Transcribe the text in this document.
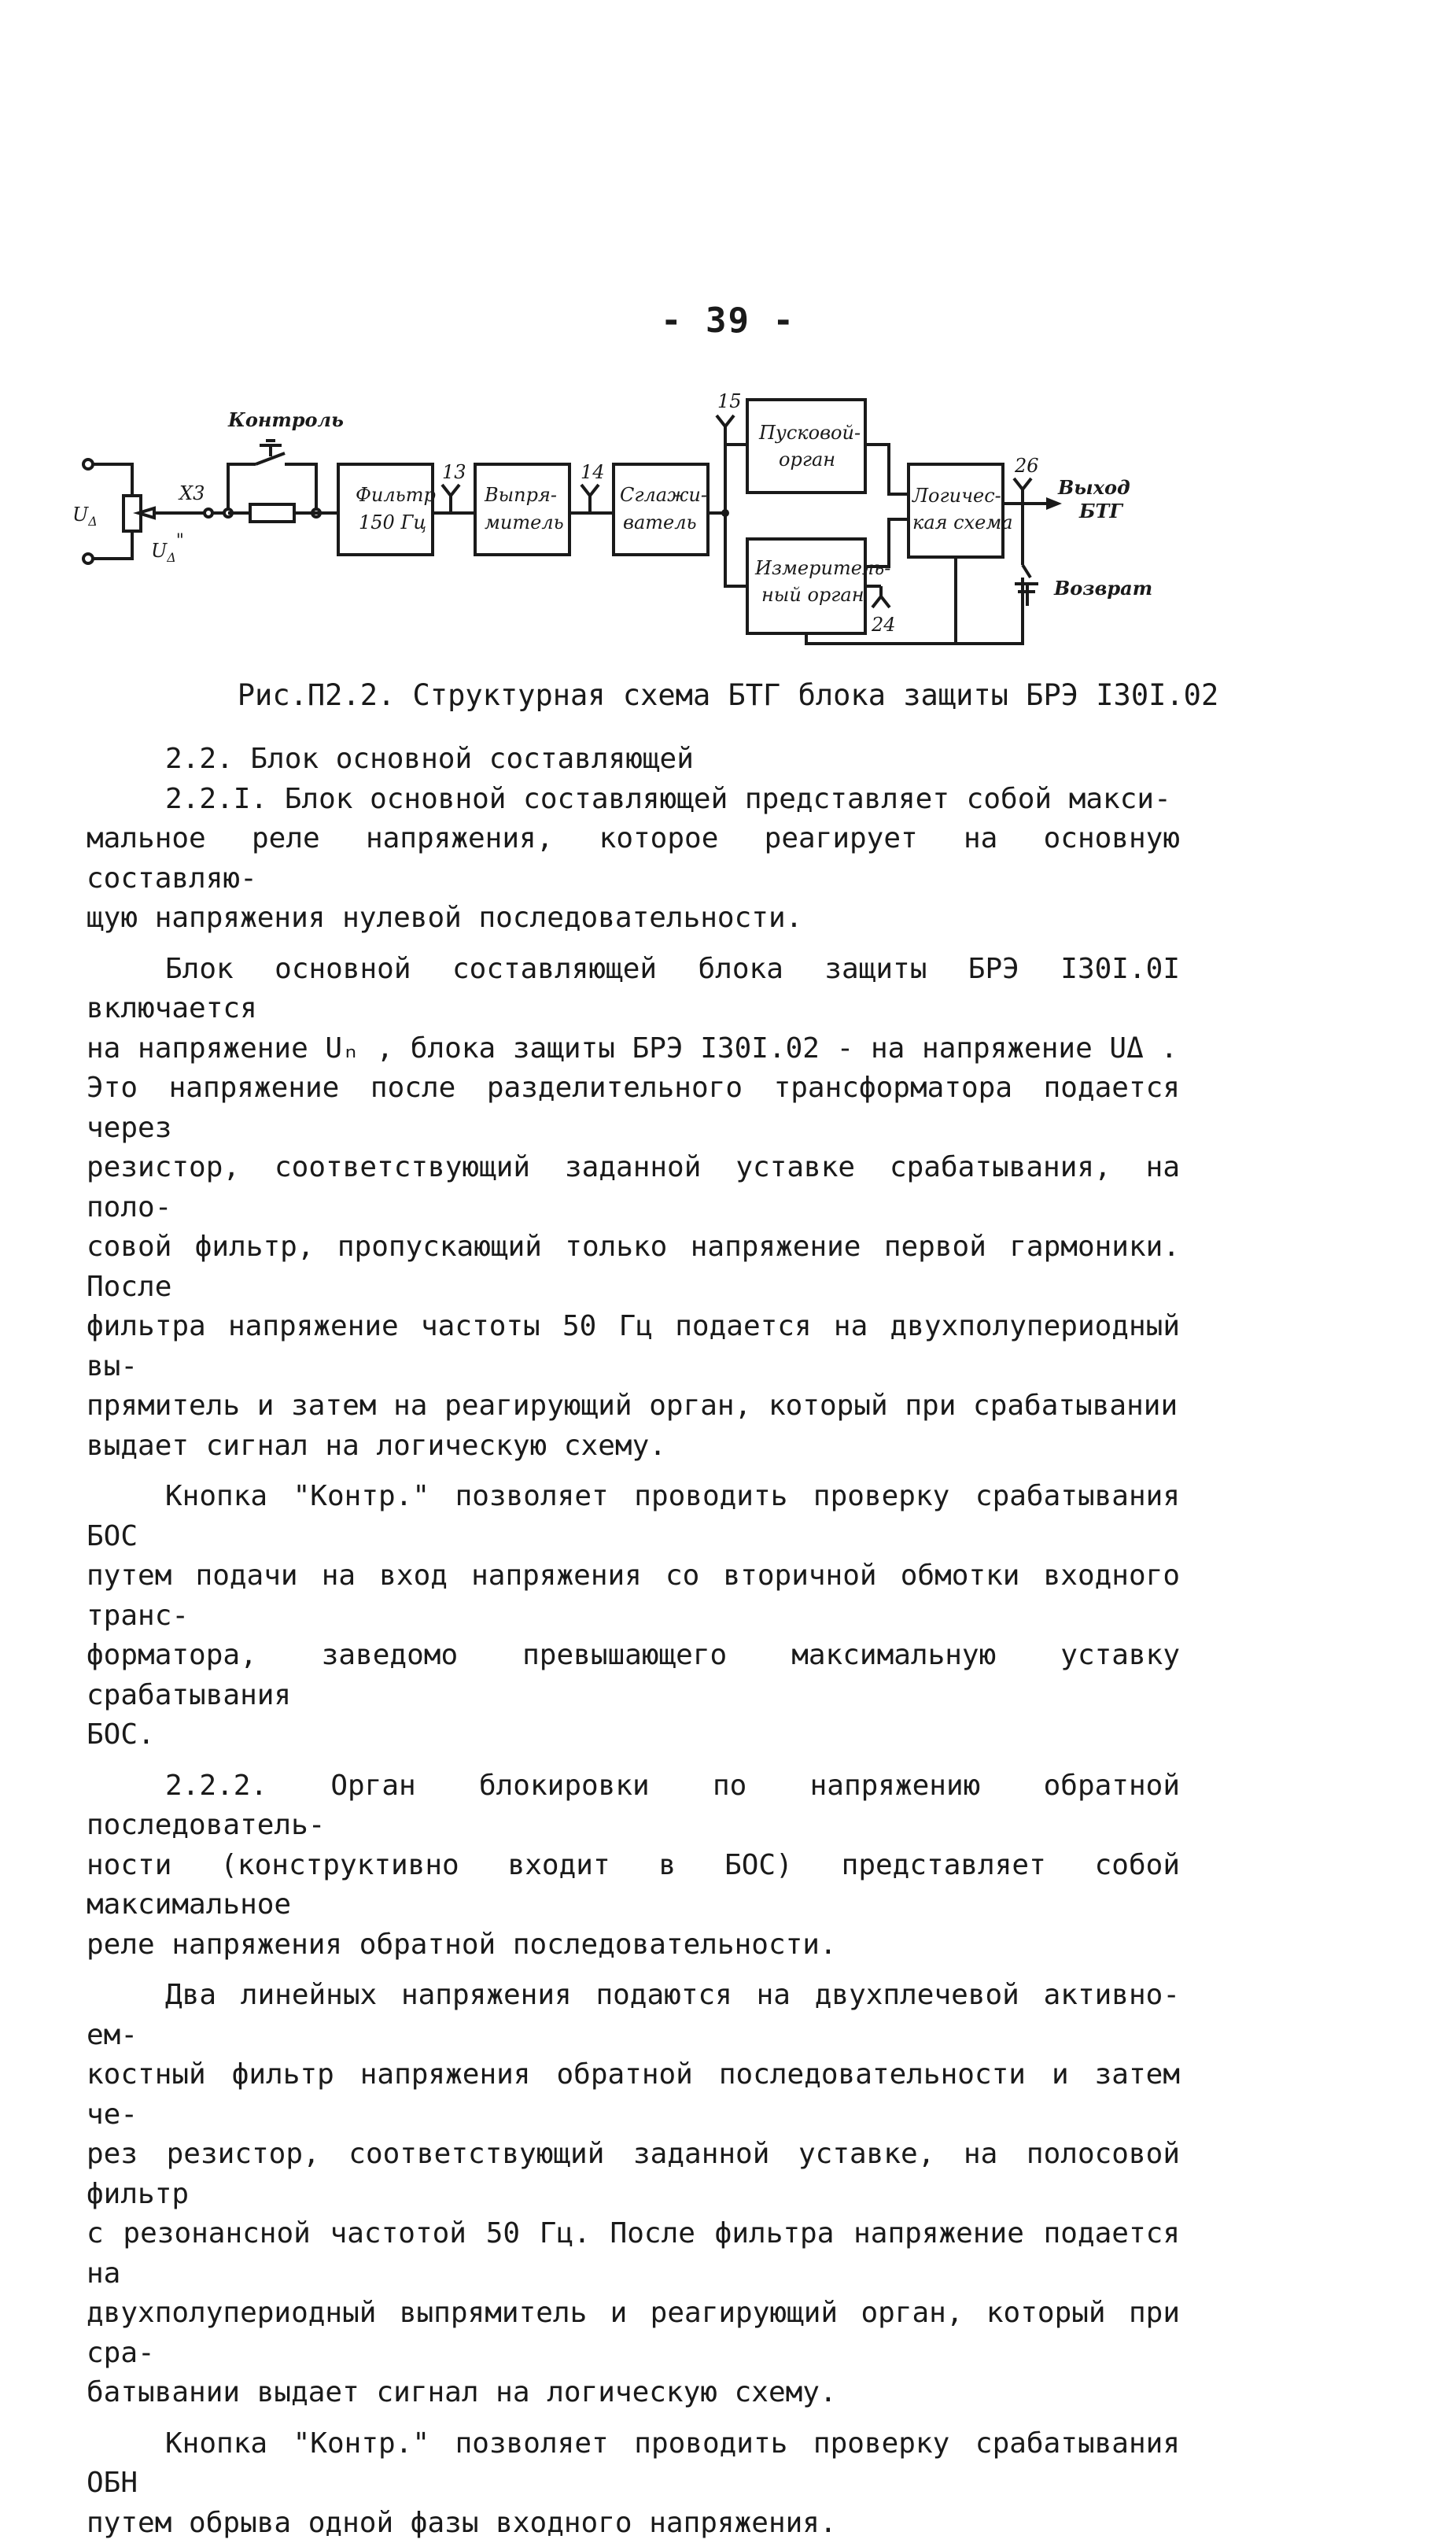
- 39 -
$U_\Delta$
$U_\Delta$"
Х3
Контроль
Фильтр
150 Гц
13
Выпря-
митель
14
Сглажи-
ватель
15
Пусковой-
орган
Измеритель-
ный орган
24
Логичес-
кая схема
26
Выход
БТГ
Возврат
Рис.П2.2. Структурная схема БТГ блока защиты БРЭ I30I.02

2.2. Блок основной составляющей

2.2.I. Блок основной составляющей представляет собой макси-
мальное реле напряжения, которое реагирует на основную составляю-
щую напряжения нулевой последовательности.

Блок основной составляющей блока защиты БРЭ I30I.0I включается
на напряжение Uₙ , блока защиты БРЭ I30I.02 - на напряжение UΔ .
Это напряжение после разделительного трансформатора подается через
резистор, соответствующий заданной уставке срабатывания, на поло-
совой фильтр, пропускающий только напряжение первой гармоники. После
фильтра напряжение частоты 50 Гц подается на двухполупериодный вы-
прямитель и затем на реагирующий орган, который при срабатывании
выдает сигнал на логическую схему.

Кнопка "Контр." позволяет проводить проверку срабатывания БОС
путем подачи на вход напряжения со вторичной обмотки входного транс-
форматора, заведомо превышающего максимальную уставку срабатывания
БОС.

2.2.2. Орган блокировки по напряжению обратной последователь-
ности (конструктивно входит в БОС) представляет собой максимальное
реле напряжения обратной последовательности.

Два линейных напряжения подаются на двухплечевой активно-ем-
костный фильтр напряжения обратной последовательности и затем че-
рез резистор, соответствующий заданной уставке, на полосовой фильтр
с резонансной частотой 50 Гц. После фильтра напряжение подается на
двухполупериодный выпрямитель и реагирующий орган, который при сра-
батывании выдает сигнал на логическую схему.

Кнопка "Контр." позволяет проводить проверку срабатывания ОБН
путем обрыва одной фазы входного напряжения.
